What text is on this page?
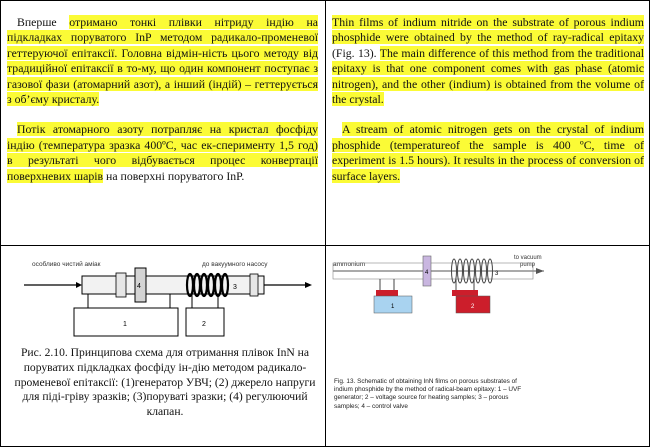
Вперше отримано тонкі плівки нітриду індію на підкладках поруватого InP методом радикало-променевої геттеруючої епітаксії. Головна відмін-ність цього методу від традиційної епітаксії в то-му, що один компонент поступає з газової фази (атомарний азот), а інший (індій) – геттерується з об’єму кристалу.

Потік атомарного азоту потрапляє на кристал фосфіду індію (температура зразка 400ºС, час ек-сперименту 1,5 год) в результаті чого відбувається процес конвертації поверхневих шарів на поверхні поруватого InP.

Thin films of indium nitride on the substrate of porous indium phosphide were obtained by the method of ray-radical epitaxy (Fig. 13). The main difference of this method from the traditional epitaxy is that one component comes with gas phase (atomic nitrogen), and the other (indium) is obtained from the volume of the crystal.

A stream of atomic nitrogen gets on the crystal of indium phosphide (temperatureof the sample is 400 ºС, time of experiment is 1.5 hours). It results in the process of conversion of surface layers.

особливо чистий аміак	до вакуумного насосу
4	3
1	2
Рис. 2.10. Принципова схема для отримання плівок InN на поруватих підкладках фосфіду ін-дію методом радикало-променевої епітаксії: (1)генератор УВЧ; (2) джерело напруги для піді-гріву зразків; (3)поруваті зразки; (4) регулюючий клапан.
ammonium
to vacuum
pump
4	3
1	2
Fig. 13. Schematic of obtaining InN films on porous substrates of indium phosphide by the method of radical-beam epitaxy: 1 – UVF generator; 2 – voltage source for heating samples; 3 – porous samples; 4 – control valve
